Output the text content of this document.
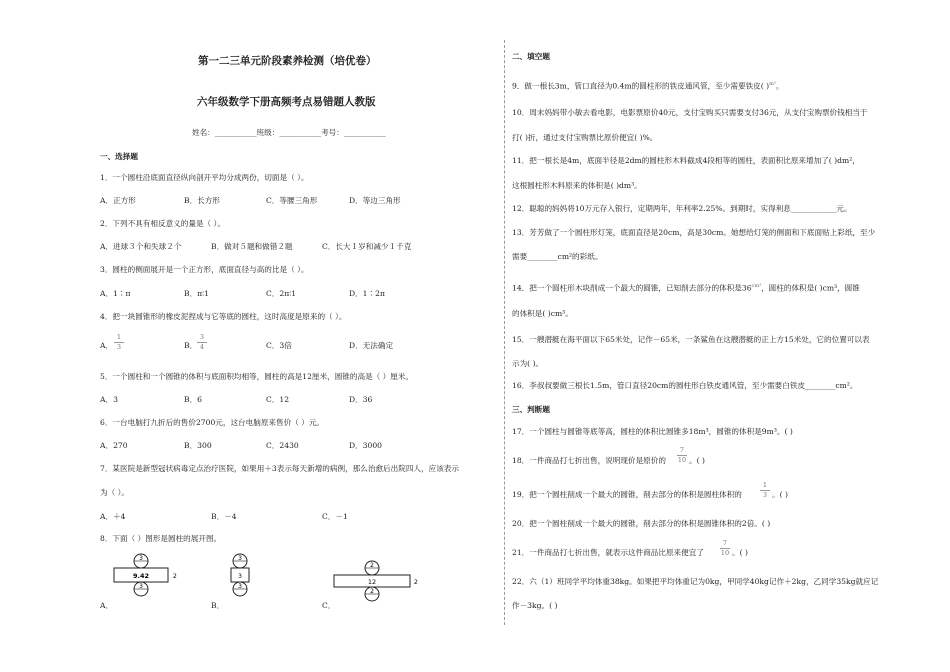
第一二三单元阶段素养检测（培优卷）
六年级数学下册高频考点易错题人教版
姓名：___________班级：___________考号：___________
一、选择题
1．一个圆柱沿底面直径纵向剖开平均分成两份，切面是（ ）。
A．正方形	B．长方形	C．等腰三角形	D．等边三角形
2．下列不具有相反意义的量是（ ）。
A．进球３个和失球２个	B．做对５题和做错２题	C．长大１岁和减少１千克
3．圆柱的侧面展开是一个正方形，底面直径与高的比是（ ）。
A．1∶π	B．π∶1	C．2π∶1	D．1∶2π
4．把一块圆锥形的橡皮泥捏成与它等底的圆柱，这时高度是原来的（ ）。
A．
1
3	B．
3
4	C．3倍	D．无法确定
5．一个圆柱和一个圆锥的体积与底面积均相等，圆柱的高是12厘米，圆锥的高是（ ）厘米。
A．3	B．6	C．12	D．36
6．一台电脑打九折后的售价2700元，这台电脑原来售价（ ）元。
A．270	B．300	C．2430	D．3000
7．某医院是新型冠状病毒定点治疗医院，如果用＋3表示每天新增的病例，那么治愈后出院四人，应该表示
为（ ）。
A．＋4	B．－4	C．－1
8．下面（ ）图形是圆柱的展开图。
3
9.42	2
3
A．
3
3
3
B．
2
12	2
2
C．
二、填空题
9．做一根长3m，管口直径为0.4m的圆柱形的铁皮通风管，至少需要铁皮( )$^{m^2}$。
10．周末妈妈带小敏去看电影，电影票原价40元，支付宝购买只需要支付36元，从支付宝购票价钱相当于
打( )折，通过支付宝购票比原价便宜( )%。
11．把一根长是4m，底面半径是2dm的圆柱形木料截成4段相等的圆柱，表面积比原来增加了( )dm²，
这根圆柱形木料原来的体积是( )dm³。
12．聪聪的妈妈将10万元存入银行，定期两年，年利率2.25%。到期时，实得利息____________元。
13．芳芳做了一个圆柱形灯笼，底面直径是20cm，高是30cm。她想给灯笼的侧面和下底面贴上彩纸，至少
需要________cm²的彩纸。
14．把一个圆柱形木块削成一个最大的圆锥，已知削去部分的体积是$36^{cm^3}$，圆柱的体积是( )cm³，圆锥
的体积是( )cm³。
15．一艘潜艇在海平面以下65米处，记作－65米，一条鲨鱼在这艘潜艇的正上方15米处，它的位置可以表
示为( )。
16．李叔叔要做三根长1.5m，管口直径20cm的圆柱形白铁皮通风管，至少需要白铁皮________cm²。
三、判断题
17．一个圆柱与圆锥等底等高，圆柱的体积比圆锥多18m³，圆锥的体积是9m³。( )
18．一件商品打七折出售，说明现价是原价的
7
10 。( )
19．把一个圆柱削成一个最大的圆锥，削去部分的体积是圆柱体积的
1
3 。( )
20．把一个圆柱削成一个最大的圆锥，削去部分的体积是圆锥体积的2倍。( )
21．一件商品打七折出售，就表示这件商品比原来便宜了
7
10 。( )
22．六（1）班同学平均体重38kg。如果把平均体重记为0kg，甲同学40kg记作＋2kg，乙同学35kg就应记
作－3kg。( )
